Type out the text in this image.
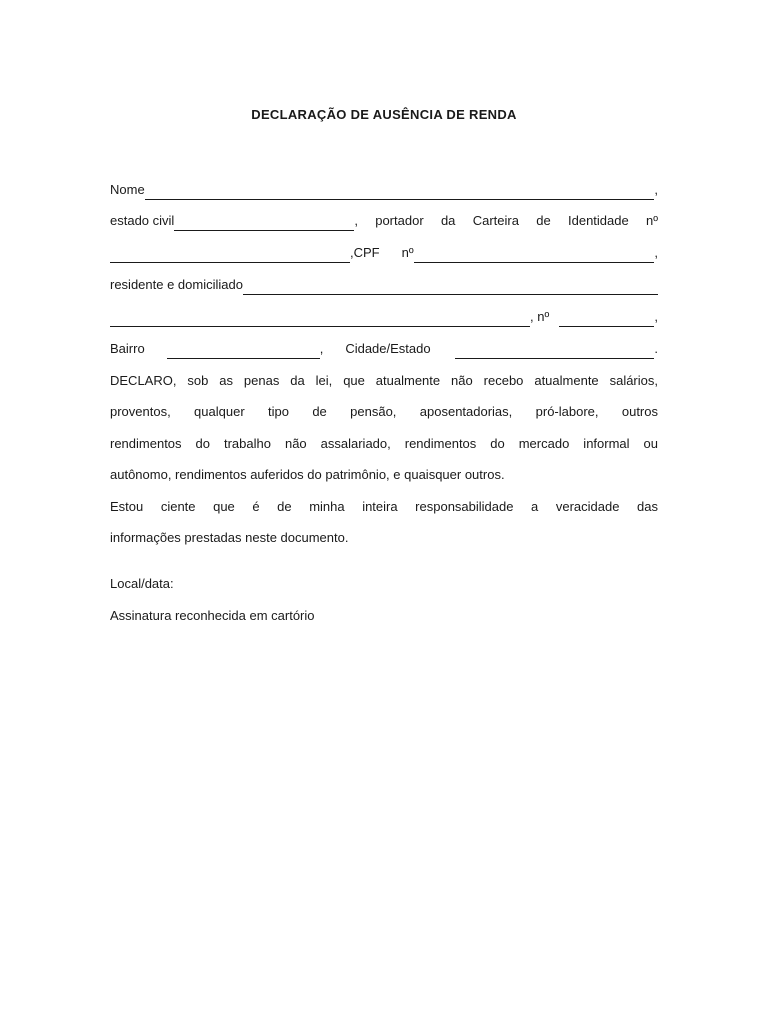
DECLARAÇÃO DE AUSÊNCIA DE RENDA
Nome	,
estado civil	, portador da Carteira de Identidade nº
,CPF nº	,
residente e domiciliado
, nº	,
Bairro	, Cidade/Estado	.
DECLARO, sob as penas da lei, que atualmente não recebo atualmente salários,
proventos, qualquer tipo de pensão, aposentadorias, pró-labore, outros
rendimentos do trabalho não assalariado, rendimentos do mercado informal ou
autônomo, rendimentos auferidos do patrimônio, e quaisquer outros.
Estou ciente que é de minha inteira responsabilidade a veracidade das
informações prestadas neste documento.
Local/data:
Assinatura reconhecida em cartório
